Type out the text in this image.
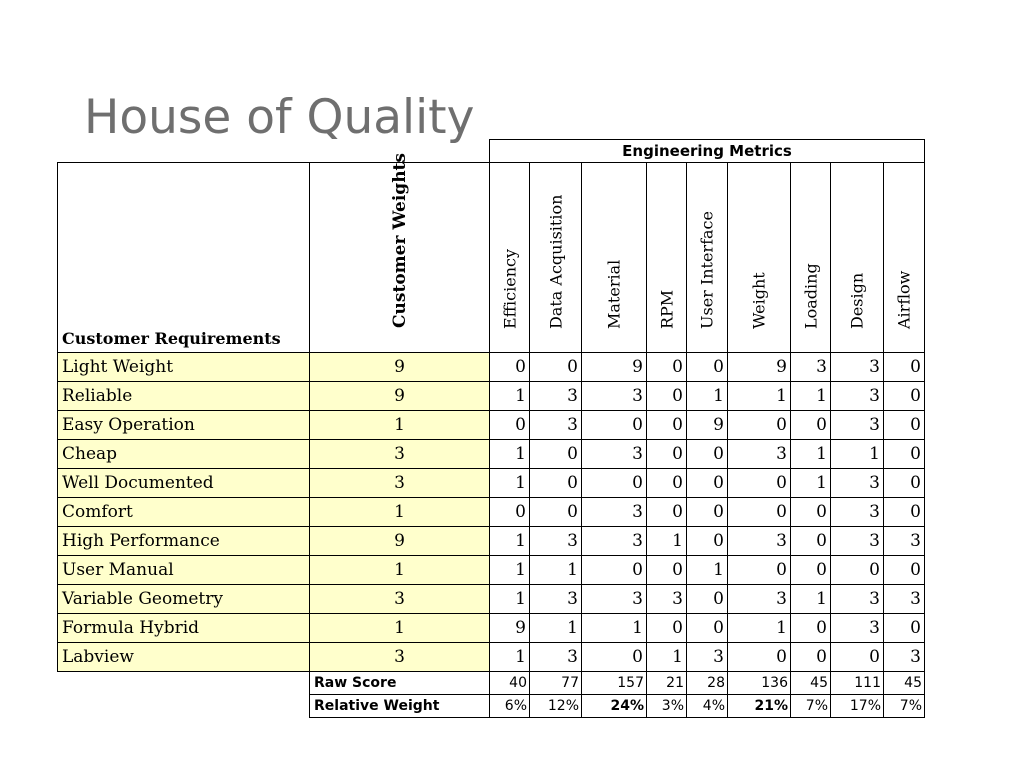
House of Quality
		Engineering Metrics								
Customer Requirements	Customer Weights	Efficiency	Data Acquisition	Material	RPM	User Interface	Weight	Loading	Design	Airflow

Light Weight	9	0	0	9	0	0	9	3	3	0
Reliable	9	1	3	3	0	1	1	1	3	0
Easy Operation	1	0	3	0	0	9	0	0	3	0
Cheap	3	1	0	3	0	0	3	1	1	0
Well Documented	3	1	0	0	0	0	0	1	3	0
Comfort	1	0	0	3	0	0	0	0	3	0
High Performance	9	1	3	3	1	0	3	0	3	3
User Manual	1	1	1	0	0	1	0	0	0	0
Variable Geometry	3	1	3	3	3	0	3	1	3	3
Formula Hybrid	1	9	1	1	0	0	1	0	3	0
Labview	3	1	3	0	1	3	0	0	0	3
	Raw Score	40	77	157	21	28	136	45	111	45
	Relative Weight	6%	12%	24%	3%	4%	21%	7%	17%	7%
